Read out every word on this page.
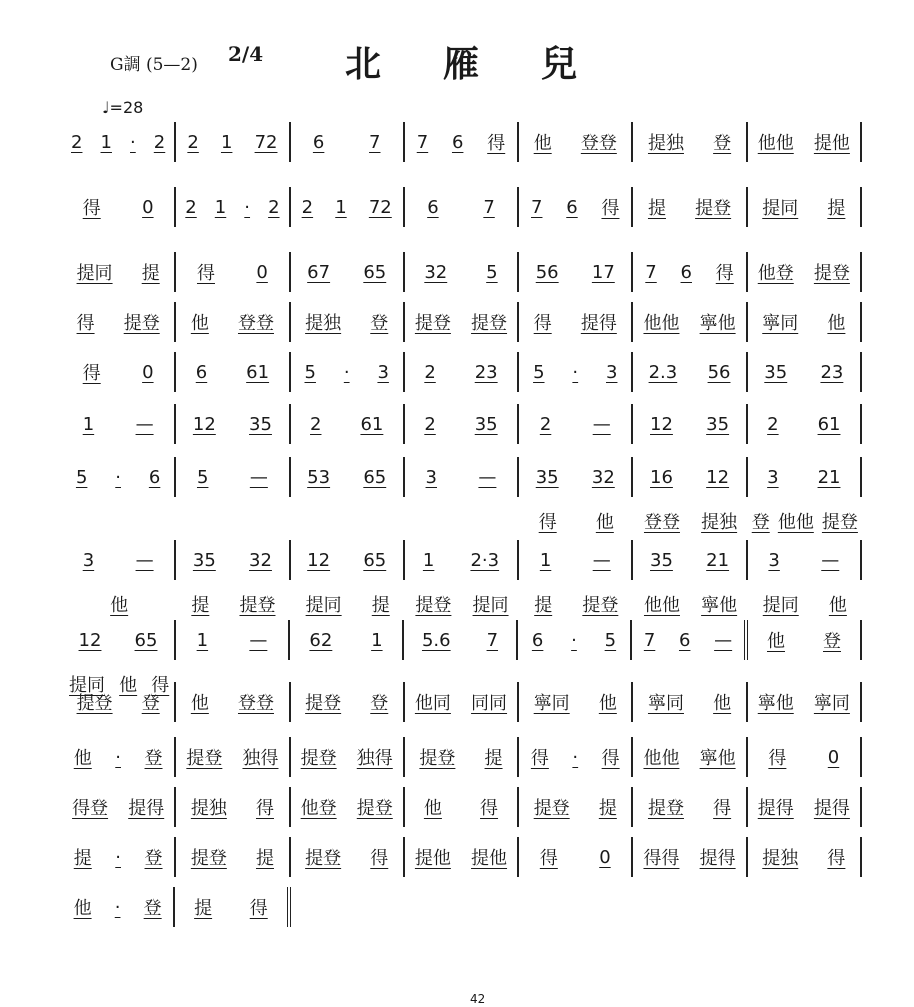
G調 (5—2) 2/4 北雁兒
♩=28
2 1 · 2 2 1 72 6 7 7 6 得 他 登登 提独 登 他他 提他
得 0 2 1 · 2 2 1 72 6 7 7 6 得 提 提登 提同 提
提同 提 得 0 67 65 32 5 56 17 7 6 得 他登 提登
得 提登 他 登登 提独 登 提登 提登 得 提得 他他 寧他 寧同 他
得 0 6 61 5 · 3 2 23 5 · 3 2.3 56 35 23
1 — 12 35 2 61 2 35 2 — 12 35 2 61
5 · 6 5 — 53 65 3 — 35 32 16 12 3 21
得 他 登登 提独 登 他他 提登
3 — 35 32 12 65 1 2·3 1 — 35 21 3 —
他	提 提登 提同 提 提登 提同 提 提登 他他 寧他 提同 他
12 65 1 — 62 1 5.6 7 6 · 5 7 6 — 他 登
提同 他 得
提登 登 他 登登 提登 登 他同 同同 寧同 他 寧同 他 寧他 寧同
他 · 登 提登 独得 提登 独得 提登 提 得 · 得 他他 寧他 得 0
得登 提得 提独 得 他登 提登 他 得 提登 提 提登 得 提得 提得
提 · 登 提登 提 提登 得 提他 提他 得 0 得得 提得 提独 得
他 · 登 提 得
42
